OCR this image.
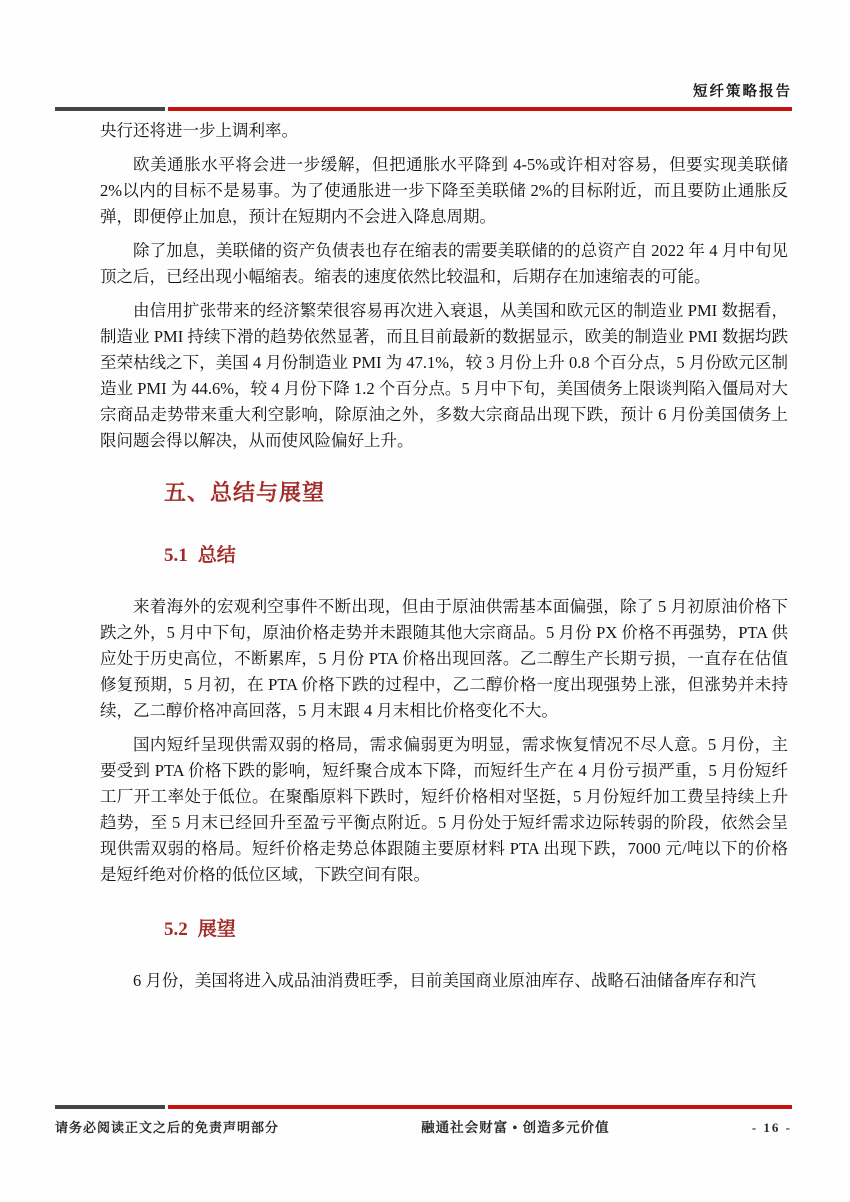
短纤策略报告

央行还将进一步上调利率。

欧美通胀水平将会进一步缓解，但把通胀水平降到 4-5%或许相对容易，但要实现美联储 2%以内的目标不是易事。为了使通胀进一步下降至美联储 2%的目标附近，而且要防止通胀反弹，即便停止加息，预计在短期内不会进入降息周期。

除了加息，美联储的资产负债表也存在缩表的需要美联储的的总资产自 2022 年 4 月中旬见顶之后，已经出现小幅缩表。缩表的速度依然比较温和，后期存在加速缩表的可能。

由信用扩张带来的经济繁荣很容易再次进入衰退，从美国和欧元区的制造业 PMI 数据看，制造业 PMI 持续下滑的趋势依然显著，而且目前最新的数据显示，欧美的制造业 PMI 数据均跌至荣枯线之下，美国 4 月份制造业 PMI 为 47.1%，较 3 月份上升 0.8 个百分点，5 月份欧元区制造业 PMI 为 44.6%，较 4 月份下降 1.2 个百分点。5 月中下旬，美国债务上限谈判陷入僵局对大宗商品走势带来重大利空影响，除原油之外，多数大宗商品出现下跌，预计 6 月份美国债务上限问题会得以解决，从而使风险偏好上升。

五、总结与展望
5.1 总结

来着海外的宏观利空事件不断出现，但由于原油供需基本面偏强，除了 5 月初原油价格下跌之外，5 月中下旬，原油价格走势并未跟随其他大宗商品。5 月份 PX 价格不再强势，PTA 供应处于历史高位，不断累库，5 月份 PTA 价格出现回落。乙二醇生产长期亏损，一直存在估值修复预期，5 月初，在 PTA 价格下跌的过程中，乙二醇价格一度出现强势上涨，但涨势并未持续，乙二醇价格冲高回落，5 月末跟 4 月末相比价格变化不大。

国内短纤呈现供需双弱的格局，需求偏弱更为明显，需求恢复情况不尽人意。5 月份，主要受到 PTA 价格下跌的影响，短纤聚合成本下降，而短纤生产在 4 月份亏损严重，5 月份短纤工厂开工率处于低位。在聚酯原料下跌时，短纤价格相对坚挺，5 月份短纤加工费呈持续上升趋势，至 5 月末已经回升至盈亏平衡点附近。5 月份处于短纤需求边际转弱的阶段，依然会呈现供需双弱的格局。短纤价格走势总体跟随主要原材料 PTA 出现下跌，7000 元/吨以下的价格是短纤绝对价格的低位区域，下跌空间有限。

5.2 展望

6 月份，美国将进入成品油消费旺季，目前美国商业原油库存、战略石油储备库存和汽

请务必阅读正文之后的免责声明部分	融通社会财富 • 创造多元价值	- 16 -
